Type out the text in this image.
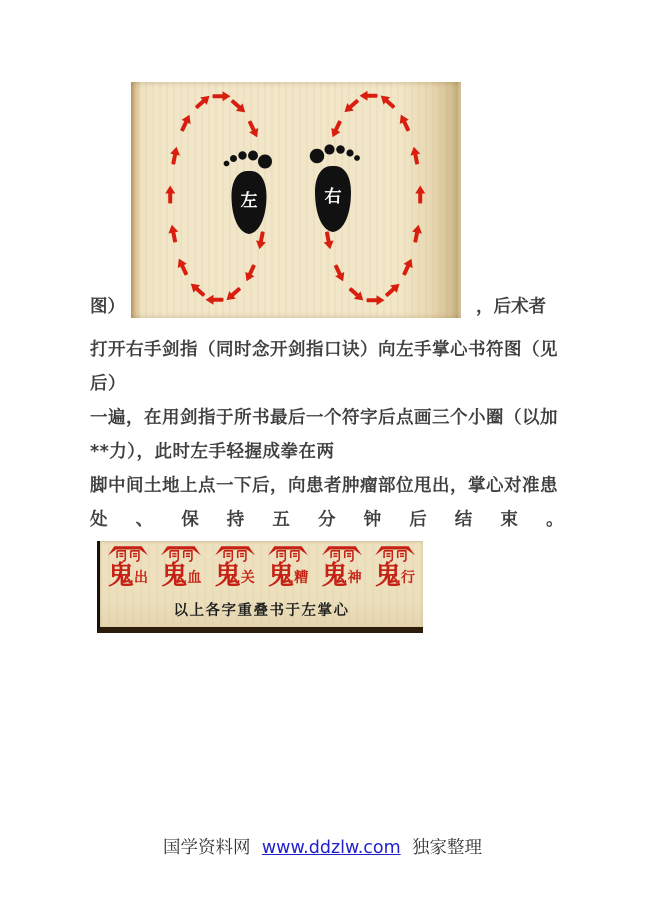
图）
左	右
，后术者
打开右手剑指（同时念开剑指口诀）向左手掌心书符图（见
后）
一遍，在用剑指于所书最后一个符字后点画三个小圈（以加
**力），此时左手轻握成拳在两
脚中间土地上点一下后，向患者肿瘤部位甩出，掌心对准患
处 、 保 持 五 分 钟 后 结 束 。
鬼 出 鬼 血 鬼 关 鬼 糟 鬼 神 鬼 行
以上各字重叠书于左掌心
国学资料网 www.ddzlw.com 独家整理
